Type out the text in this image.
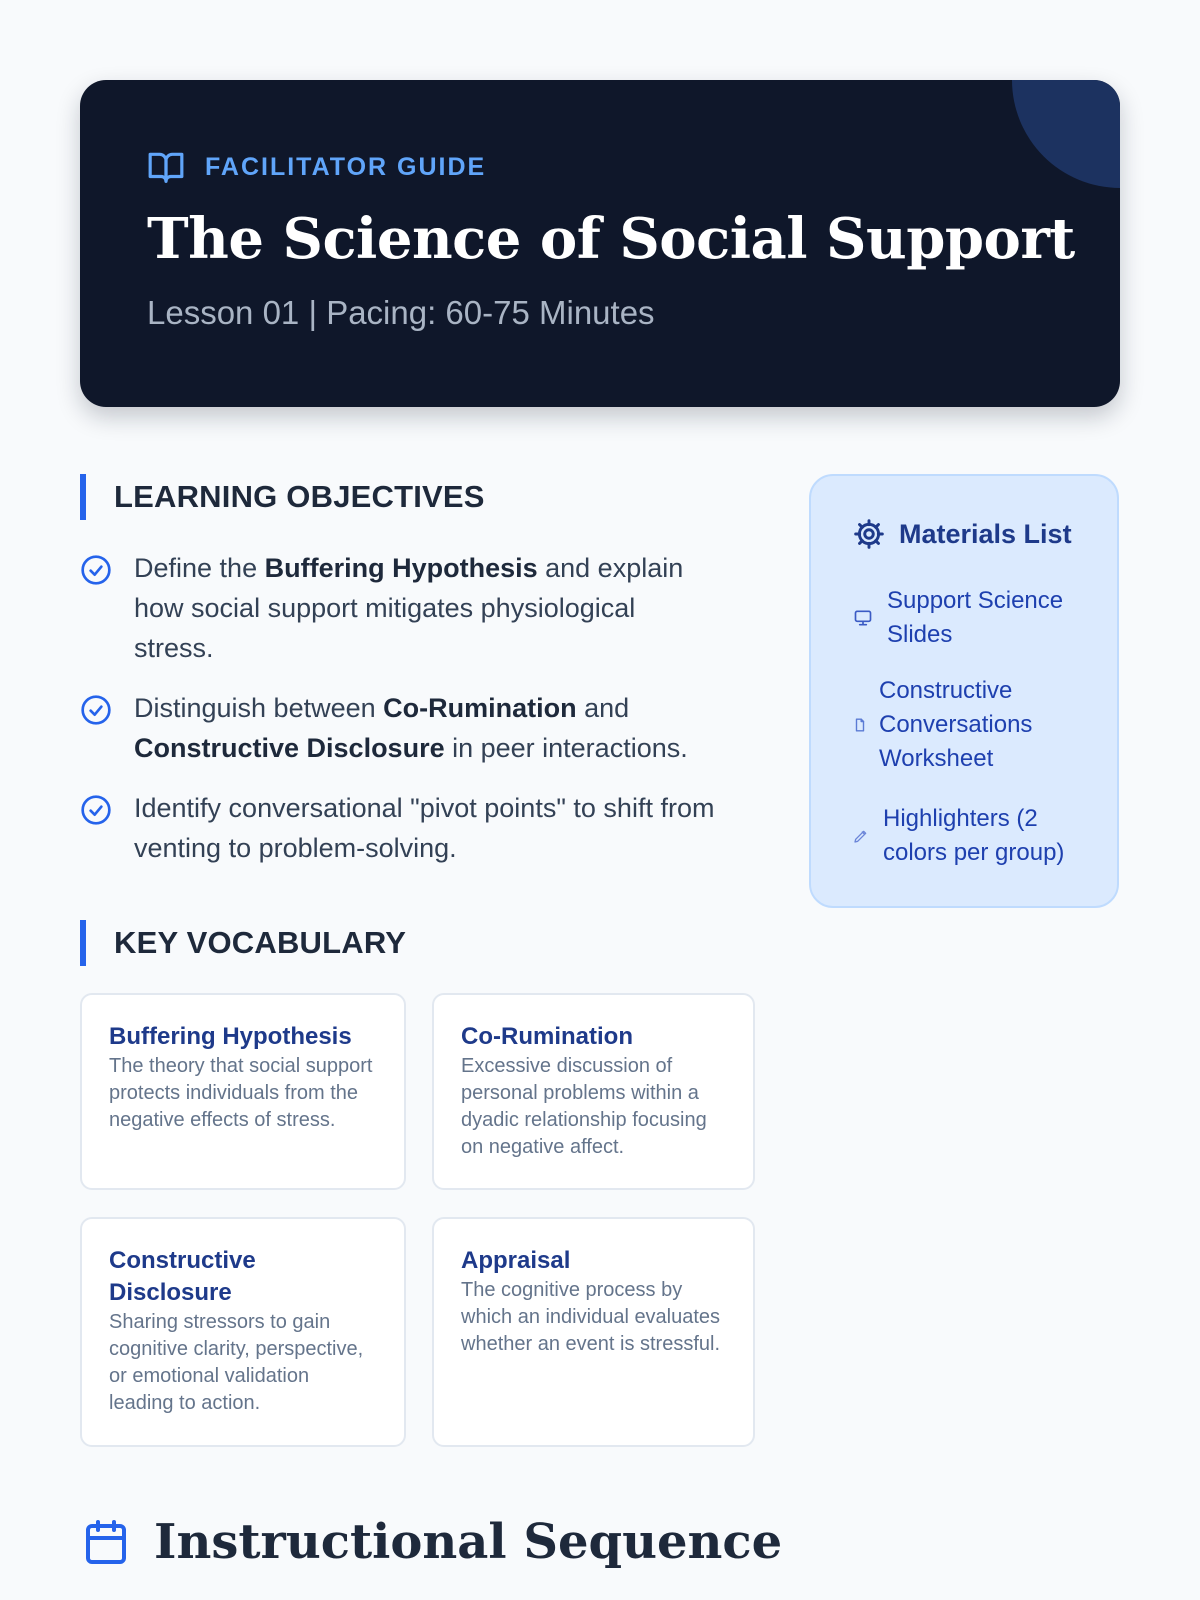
FACILITATOR GUIDE
The Science of Social Support
Lesson 01 | Pacing: 60-75 Minutes
LEARNING OBJECTIVES
Define the Buffering Hypothesis and explain how social support mitigates physiological stress.
Distinguish between Co-Rumination and Constructive Disclosure in peer interactions.
Identify conversational "pivot points" to shift from venting to problem-solving.
Materials List
Support Science Slides
Constructive Conversations Worksheet
Highlighters (2 colors per group)
KEY VOCABULARY
Buffering Hypothesis
The theory that social support protects individuals from the negative effects of stress.
Co-Rumination
Excessive discussion of personal problems within a dyadic relationship focusing on negative affect.
Constructive Disclosure
Sharing stressors to gain cognitive clarity, perspective, or emotional validation leading to action.
Appraisal
The cognitive process by which an individual evaluates whether an event is stressful.
Instructional Sequence
